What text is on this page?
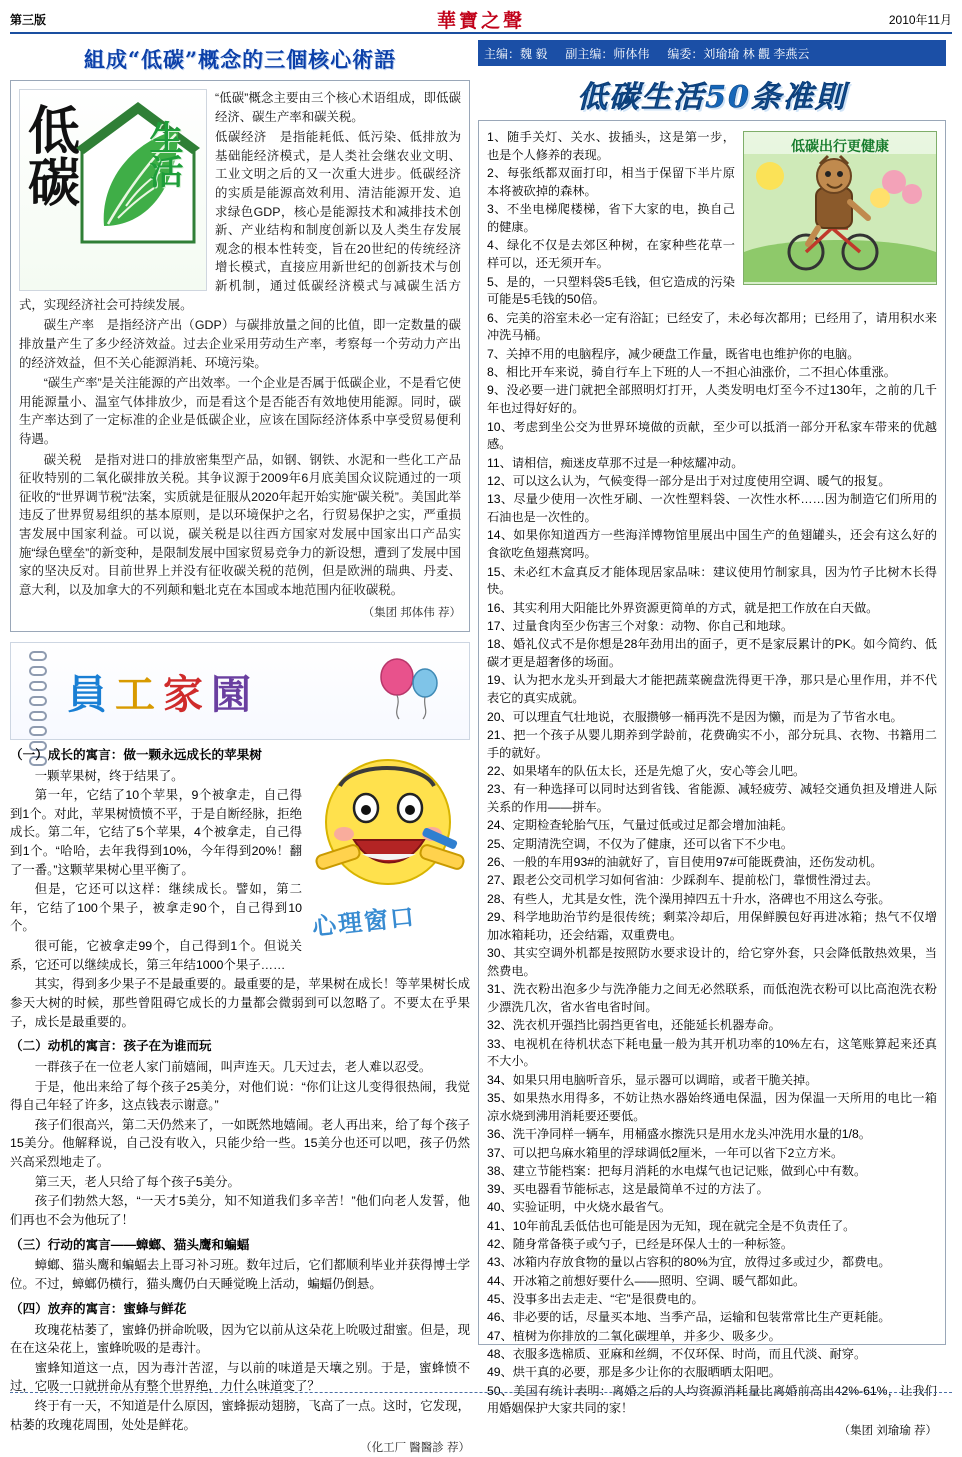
第三版	華寶之聲	2010年11月
組成“低碳”概念的三個核心術語
低
碳 生活

“低碳”概念主要由三个核心术语组成，即低碳经济、碳生产率和碳关税。

低碳经济　是指能耗低、低污染、低排放为基础能经济模式，是人类社会继农业文明、工业文明之后的又一次重大进步。低碳经济的实质是能源高效利用、清洁能源开发、追求绿色GDP，核心是能源技术和减排技术创新、产业结构和制度创新以及人类生存发展观念的根本性转变，旨在20世纪的传统经济增长模式，直接应用新世纪的创新技术与创新机制，通过低碳经济模式与减碳生活方式，实现经济社会可持续发展。

碳生产率　是指经济产出（GDP）与碳排放量之间的比值，即一定数量的碳排放量产生了多少经济效益。过去企业采用劳动生产率，考察每一个劳动力产出的经济效益，但不关心能源消耗、环境污染。

“碳生产率”是关注能源的产出效率。一个企业是否属于低碳企业，不是看它使用能源量小、温室气体排放少，而是看这个是否能否有效地使用能源。同时，碳生产率达到了一定标准的企业是低碳企业，应该在国际经济体系中享受贸易便利待遇。

碳关税　是指对进口的排放密集型产品，如钢、钢铁、水泥和一些化工产品征收特别的二氧化碳排放关税。其争议源于2009年6月底美国众议院通过的一项征收的“世界调节税”法案，实质就是征服从2020年起开始实施“碳关税”。美国此举违反了世界贸易组织的基本原则，是以环境保护之名，行贸易保护之实，严重损害发展中国家利益。可以说，碳关税是以往西方国家对发展中国家出口产品实施“绿色壁垒”的新变种，是限制发展中国家贸易竞争力的新设想，遭到了发展中国家的坚决反对。目前世界上并没有征收碳关税的范例，但是欧洲的瑞典、丹麦、意大利，以及加拿大的不列颠和魁北克在本国或本地范围内征收碳税。

（集团 邦体伟 荐）
員工家園
心理窗口
（一）成长的寓言：做一颗永远成长的苹果树

一颗苹果树，终于结果了。

第一年，它结了10个苹果，9个被拿走，自己得到1个。对此，苹果树愤愤不平，于是自断经脉，拒绝成长。第二年，它结了5个苹果，4个被拿走，自己得到1个。“哈哈，去年我得到10%，今年得到20%！翻了一番。”这颗苹果树心里平衡了。

但是，它还可以这样：继续成长。譬如，第二年，它结了100个果子，被拿走90个，自己得到10个。

很可能，它被拿走99个，自己得到1个。但说关系，它还可以继续成长，第三年结1000个果子……

其实，得到多少果子不是最重要的。最重要的是，苹果树在成长！等苹果树长成参天大树的时候，那些曾阻碍它成长的力量都会微弱到可以忽略了。不要太在乎果子，成长是最重要的。

（二）动机的寓言：孩子在为谁而玩

一群孩子在一位老人家门前嬉闹，叫声连天。几天过去，老人难以忍受。

于是，他出来给了每个孩子25美分，对他们说：“你们让这儿变得很热闹，我觉得自己年轻了许多，这点钱表示谢意。”

孩子们很高兴，第二天仍然来了，一如既然地嬉闹。老人再出来，给了每个孩子15美分。他解释说，自己没有收入，只能少给一些。15美分也还可以吧，孩子仍然兴高采烈地走了。

第三天，老人只给了每个孩子5美分。

孩子们勃然大怒，“一天才5美分，知不知道我们多辛苦！”他们向老人发誓，他们再也不会为他玩了！

（三）行动的寓言——蟑螂、猫头鹰和蝙蝠

蟑螂、猫头鹰和蝙蝠去上哥习补习班。数年过后，它们都顺利毕业并获得博士学位。不过，蟑螂仍横行，猫头鹰仍白天睡觉晚上活动，蝙蝠仍倒悬。

（四）放弃的寓言：蜜蜂与鲜花

玫瑰花枯萎了，蜜蜂仍拼命吮吸，因为它以前从这朵花上吮吸过甜蜜。但是，现在在这朵花上，蜜蜂吮吸的是毒汁。

蜜蜂知道这一点，因为毒汁苦涩，与以前的味道是天壤之别。于是，蜜蜂愤不过，它吸一口就拼命从有整个世界绝，力什么味道变了？

终于有一天，不知道是什么原因，蜜蜂振动翅膀，飞高了一点。这时，它发现，枯萎的玫瑰花周围，处处是鲜花。

（化工厂 醫醫診 荐）
主编：魏 毅 副主编：师体伟 编委：刘瑜瑜 林 觀 李燕云
低碳生活50条准則
低碳出行更健康
1、随手关灯、关水、拔插头，这是第一步，也是个人修养的表现。
2、每张纸都双面打印，相当于保留下半片原本将被砍掉的森林。
3、不坐电梯爬楼梯，省下大家的电，换自己的健康。
4、绿化不仅是去郊区种树，在家种些花草一样可以，还无须开车。
5、是的，一只塑料袋5毛钱，但它造成的污染可能是5毛钱的50倍。
6、完美的浴室未必一定有浴缸；已经安了，未必每次都用；已经用了，请用积水来冲洗马桶。
7、关掉不用的电脑程序，减少硬盘工作量，既省电也维护你的电脑。
8、相比开车来说，骑自行车上下班的人一不担心油涨价，二不担心体重涨。
9、没必要一进门就把全部照明灯打开，人类发明电灯至今不过130年，之前的几千年也过得好好的。
10、考虑到坐公交为世界环境做的贡献，至少可以抵消一部分开私家车带来的优越感。
11、请相信，痴迷皮草那不过是一种炫耀冲动。
12、可以这么认为，气候变得一部分是出于对过度使用空调、暖气的报复。
13、尽量少使用一次性牙刷、一次性塑料袋、一次性水杯……因为制造它们所用的石油也是一次性的。
14、如果你知道西方一些海洋博物馆里展出中国生产的鱼翅罐头，还会有这么好的食欲吃鱼翅燕窝吗。
15、未必红木盒真反才能体现居家品味：建议使用竹制家具，因为竹子比树木长得快。
16、其实利用大阳能比外界资源更简单的方式，就是把工作放在白天做。
17、过量食肉至少伤害三个对象：动物、你自己和地球。
18、婚礼仪式不是你想是28年劲用出的面子，更不是家辰累计的PK。如今简约、低碳才更是超奢侈的场面。
19、认为把水龙头开到最大才能把蔬菜碗盘洗得更干净，那只是心里作用，并不代表它的真实成就。
20、可以理直气壮地说，衣服攒够一桶再洗不是因为懒，而是为了节省水电。
21、把一个孩子从婴儿期养到学龄前，花费确实不小，部分玩具、衣物、书籍用二手的就好。
22、如果堵车的队伍太长，还是先熄了火，安心等会儿吧。
23、有一种选择可以同时达到省钱、省能源、减轻疲劳、减轻交通负担及增进人际关系的作用——拼车。
24、定期检查轮胎气压，气量过低或过足都会增加油耗。
25、定期清洗空调，不仅为了健康，还可以省下不少电。
26、一般的车用93#的油就好了，盲目使用97#可能既费油，还伤发动机。
27、跟老公交司机学习如何省油：少踩刹车、提前松门，靠惯性滑过去。
28、有些人，尤其是女性，洗个澡用掉四五十升水，洛碑也不用这么夸张。
29、科学地助治节约是很传统；剩菜冷却后，用保鲜膜包好再进冰箱；热气不仅增加冰箱耗功，还会结霜，双重费电。
30、其实空调外机都是按照防水要求设计的，给它穿外套，只会降低散热效果，当然费电。
31、洗衣粉出泡多少与洗净能力之间无必然联系，而低泡洗衣粉可以比高泡洗衣粉少漂洗几次，省水省电省时间。
32、洗衣机开强挡比弱挡更省电，还能延长机器寿命。
33、电视机在待机状态下耗电量一般为其开机功率的10%左右，这笔账算起来还真不大小。
34、如果只用电脑听音乐，显示器可以调暗，或者干脆关掉。
35、如果热水用得多，不妨让热水器始终通电保温，因为保温一天所用的电比一箱凉水烧到沸用消耗要还要低。
36、洗干净同样一辆车，用桶盛水擦洗只是用水龙头冲洗用水量的1/8。
37、可以把乌麻水箱里的浮球调低2厘米，一年可以省下2立方米。
38、建立节能档案：把每月消耗的水电煤气也记记账，做到心中有数。
39、买电器看节能标志，这是最简单不过的方法了。
40、实验证明，中火烧水最省气。
41、10年前乱丢低估也可能是因为无知，现在就完全是不负责任了。
42、随身常备筷子或勺子，已经是环保人士的一种标签。
43、冰箱内存放食物的量以占容积的80%为宜，放得过多或过少，都费电。
44、开冰箱之前想好要什么——照明、空调、暖气都如此。
45、没事多出去走走、“宅”是很费电的。
46、非必要的话，尽量买本地、当季产品，运输和包装常常比生产更耗能。
47、植树为你排放的二氧化碳埋单，并多少、吸多少。
48、衣服多选棉质、亚麻和丝绸，不仅环保、时尚，而且代淡、耐穿。
49、烘干真的必要，那是多少让你的衣服晒晒太阳吧。
50、美国有统计表明：离婚之后的人均资源消耗量比离婚前高出42%-61%，让我们用婚姻保护大家共同的家！
（集团 刘瑜瑜 荐）
